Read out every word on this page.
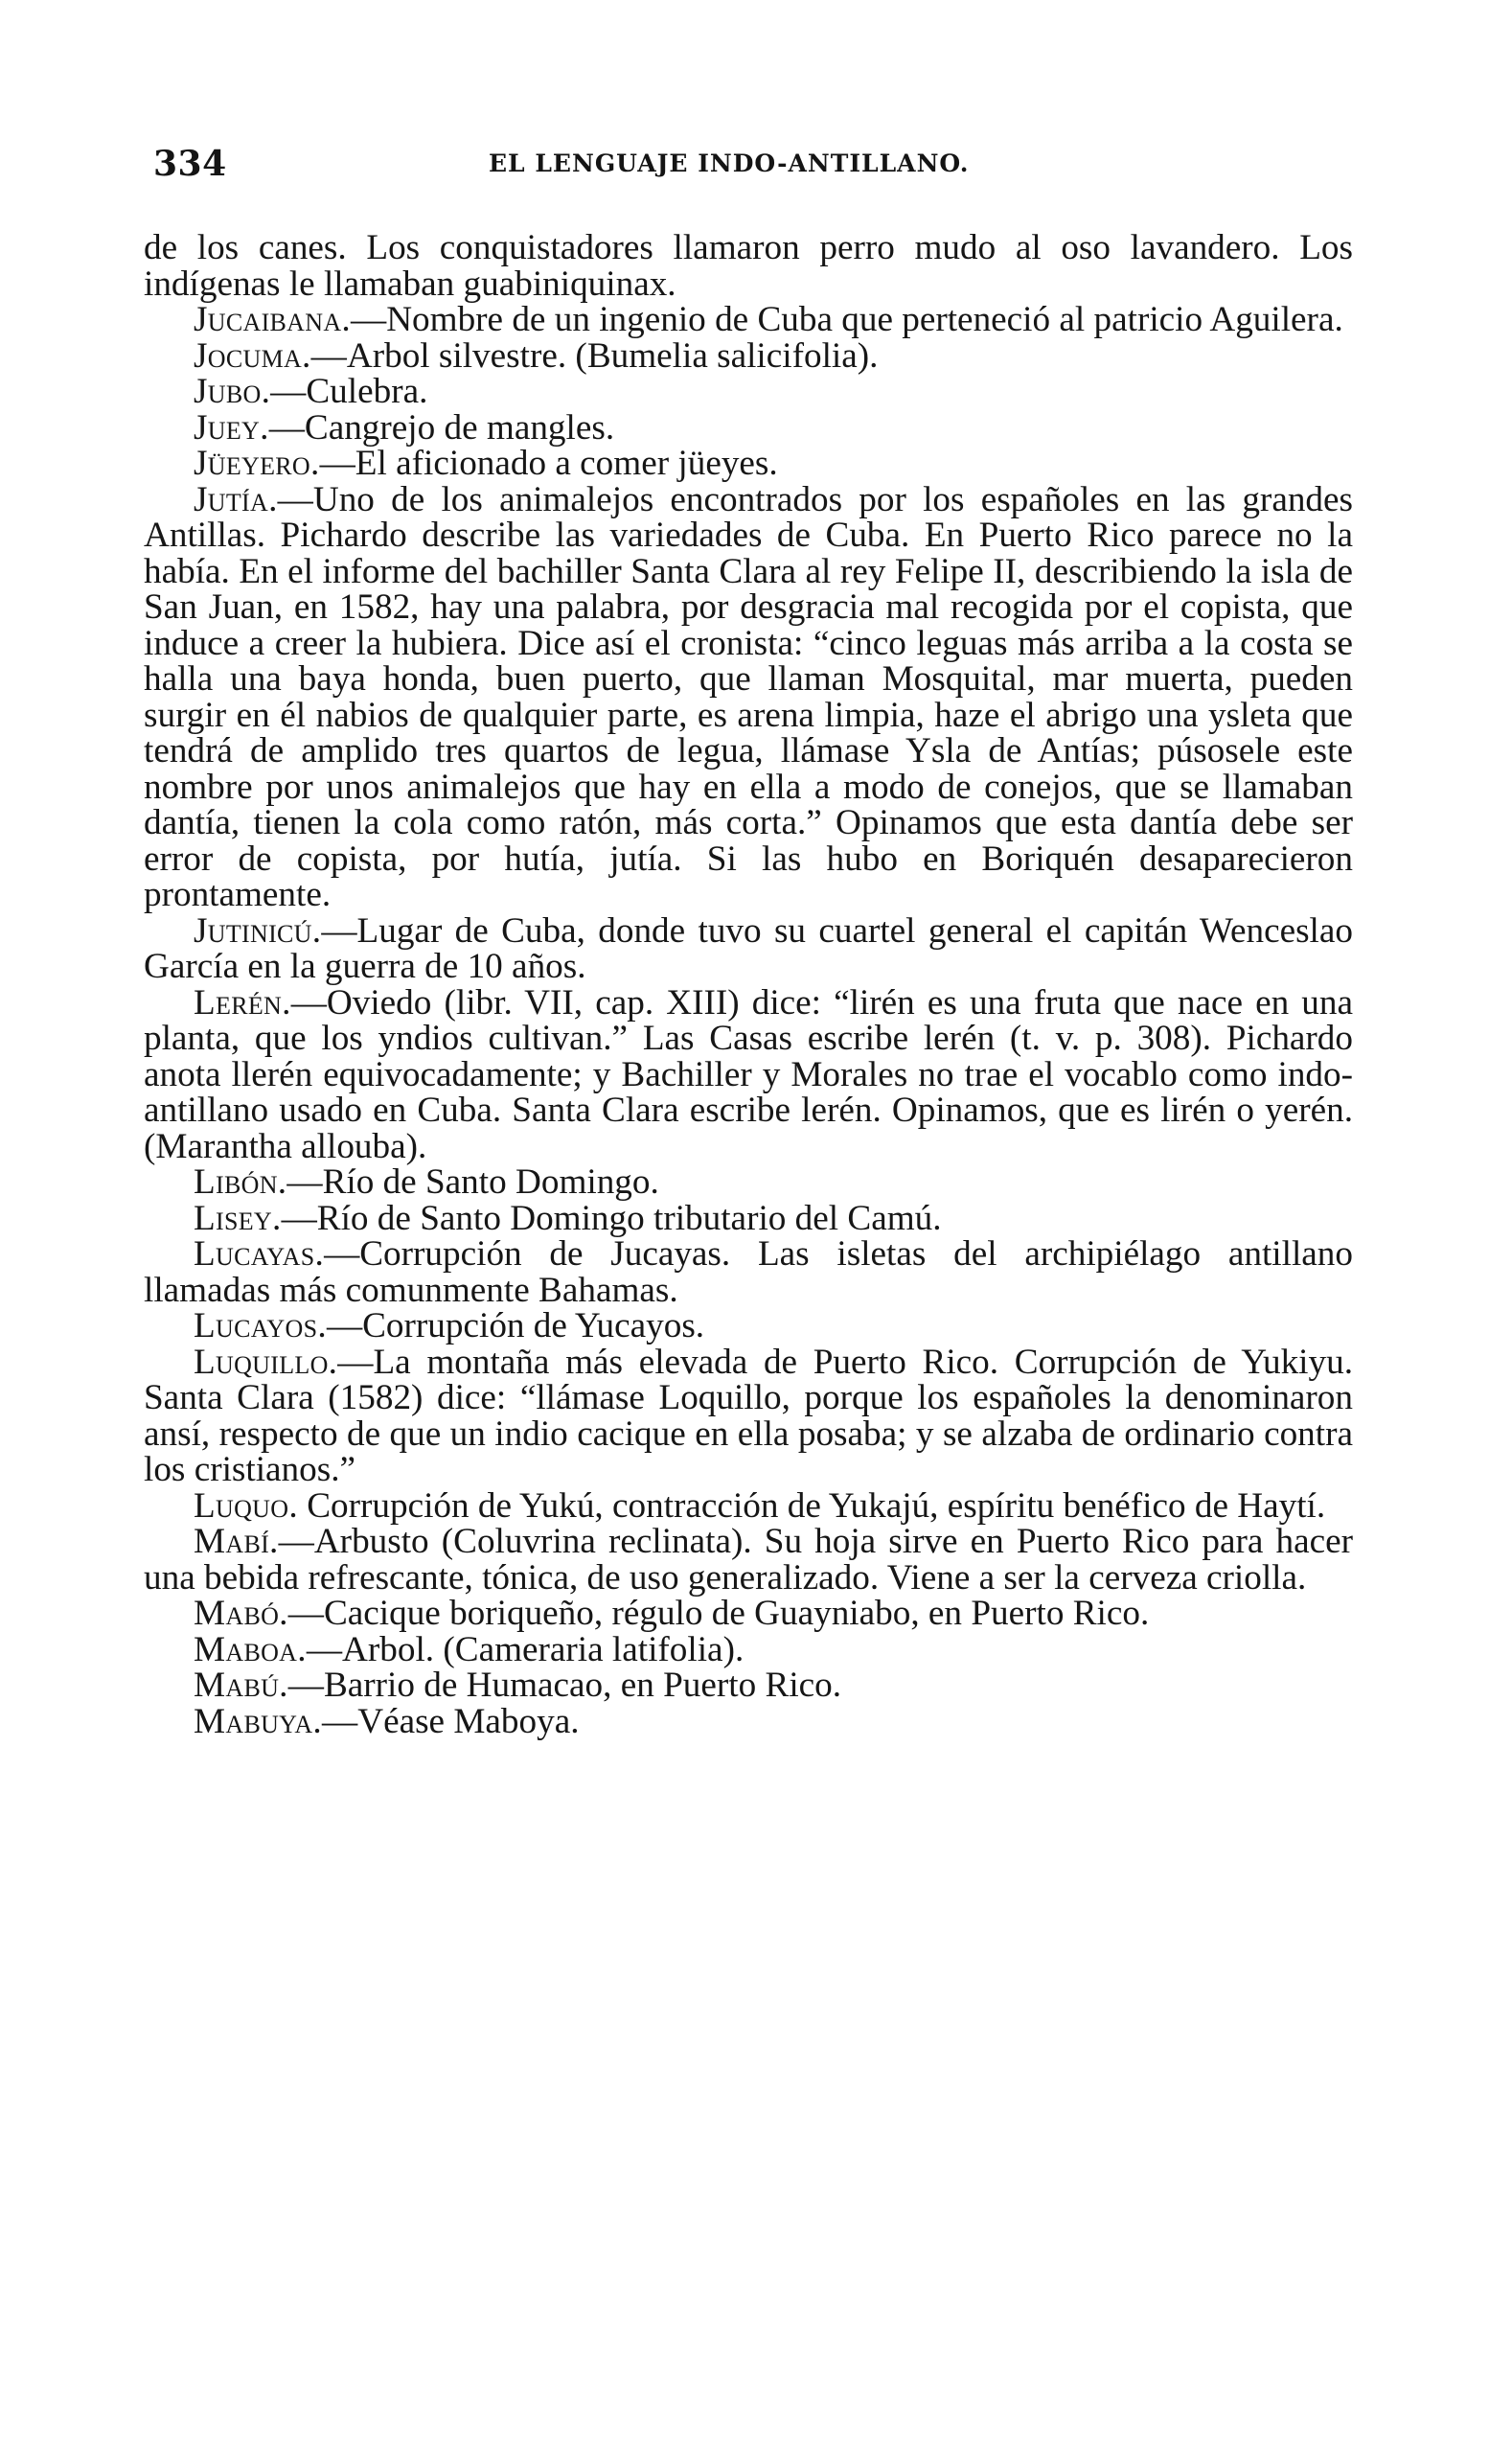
334	EL LENGUAJE INDO-ANTILLANO.

de los canes. Los conquistadores llamaron perro mudo al oso lavandero. Los indígenas le llamaban guabiniquinax.

Jucaibana.—Nombre de un ingenio de Cuba que perteneció al patricio Aguilera.

Jocuma.—Arbol silvestre. (Bumelia salicifolia).

Jubo.—Culebra.

Juey.—Cangrejo de mangles.

Jüeyero.—El aficionado a comer jüeyes.

Jutía.—Uno de los animalejos encontrados por los españoles en las grandes Antillas. Pichardo describe las variedades de Cuba. En Puerto Rico parece no la había. En el informe del bachiller Santa Clara al rey Felipe II, describiendo la isla de San Juan, en 1582, hay una palabra, por desgracia mal recogida por el copista, que induce a creer la hubiera. Dice así el cronista: “cinco leguas más arriba a la costa se halla una baya honda, buen puerto, que llaman Mosquital, mar muerta, pueden surgir en él nabios de qualquier parte, es arena limpia, haze el abrigo una ysleta que tendrá de amplido tres quartos de legua, llámase Ysla de Antías; púsosele este nombre por unos animalejos que hay en ella a modo de conejos, que se llamaban dantía, tienen la cola como ratón, más corta.” Opinamos que esta dantía debe ser error de copista, por hutía, jutía. Si las hubo en Boriquén desaparecieron prontamente.

Jutinicú.—Lugar de Cuba, donde tuvo su cuartel general el capitán Wenceslao García en la guerra de 10 años.

Lerén.—Oviedo (libr. VII, cap. XIII) dice: “lirén es una fruta que nace en una planta, que los yndios cultivan.” Las Casas escribe lerén (t. v. p. 308). Pichardo anota llerén equivocadamente; y Bachiller y Morales no trae el vocablo como indo-antillano usado en Cuba. Santa Clara escribe lerén. Opinamos, que es lirén o yerén. (Marantha allouba).

Libón.—Río de Santo Domingo.

Lisey.—Río de Santo Domingo tributario del Camú.

Lucayas.—Corrupción de Jucayas. Las isletas del archipiélago antillano llamadas más comunmente Bahamas.

Lucayos.—Corrupción de Yucayos.

Luquillo.—La montaña más elevada de Puerto Rico. Corrupción de Yukiyu. Santa Clara (1582) dice: “llámase Loquillo, porque los españoles la denominaron ansí, respecto de que un indio cacique en ella posaba; y se alzaba de ordinario contra los cristianos.”

Luquo. Corrupción de Yukú, contracción de Yukajú, espíritu benéfico de Haytí.

Mabí.—Arbusto (Coluvrina reclinata). Su hoja sirve en Puerto Rico para hacer una bebida refrescante, tónica, de uso generalizado. Viene a ser la cerveza criolla.

Mabó.—Cacique boriqueño, régulo de Guayniabo, en Puerto Rico.

Maboa.—Arbol. (Cameraria latifolia).

Mabú.—Barrio de Humacao, en Puerto Rico.

Mabuya.—Véase Maboya.
